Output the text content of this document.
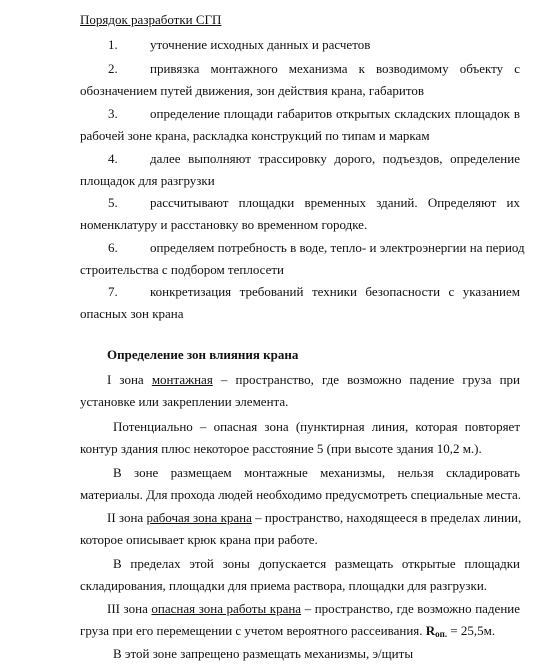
Порядок разработки СГП
1. уточнение исходных данных и расчетов
2. привязка монтажного механизма к возводимому объекту с
обозначением путей движения, зон действия крана, габаритов
3. определение площади габаритов открытых складских площадок в
рабочей зоне крана, раскладка конструкций по типам и маркам
4. далее выполняют трассировку дорого, подъездов, определение
площадок для разгрузки
5. рассчитывают площадки временных зданий. Определяют их
номенклатуру и расстановку во временном городке.
6. определяем потребность в воде, тепло- и электроэнергии на период
строительства с подбором теплосети
7. конкретизация требований техники безопасности с указанием
опасных зон крана
Определение зон влияния крана
I зона монтажная – пространство, где возможно падение груза при
установке или закреплении элемента.
Потенциально – опасная зона (пунктирная линия, которая повторяет
контур здания плюс некоторое расстояние 5 (при высоте здания 10,2 м.).
В зоне размещаем монтажные механизмы, нельзя складировать
материалы. Для прохода людей необходимо предусмотреть специальные места.
II зона рабочая зона крана – пространство, находящееся в пределах линии,
которое описывает крюк крана при работе.
В пределах этой зоны допускается размещать открытые площадки
складирования, площадки для приема раствора, площадки для разгрузки.
III зона опасная зона работы крана – пространство, где возможно падение
груза при его перемещении с учетом вероятного рассеивания. $R_{оп.} = 25,5м$.
В этой зоне запрещено размещать механизмы, э/щиты
